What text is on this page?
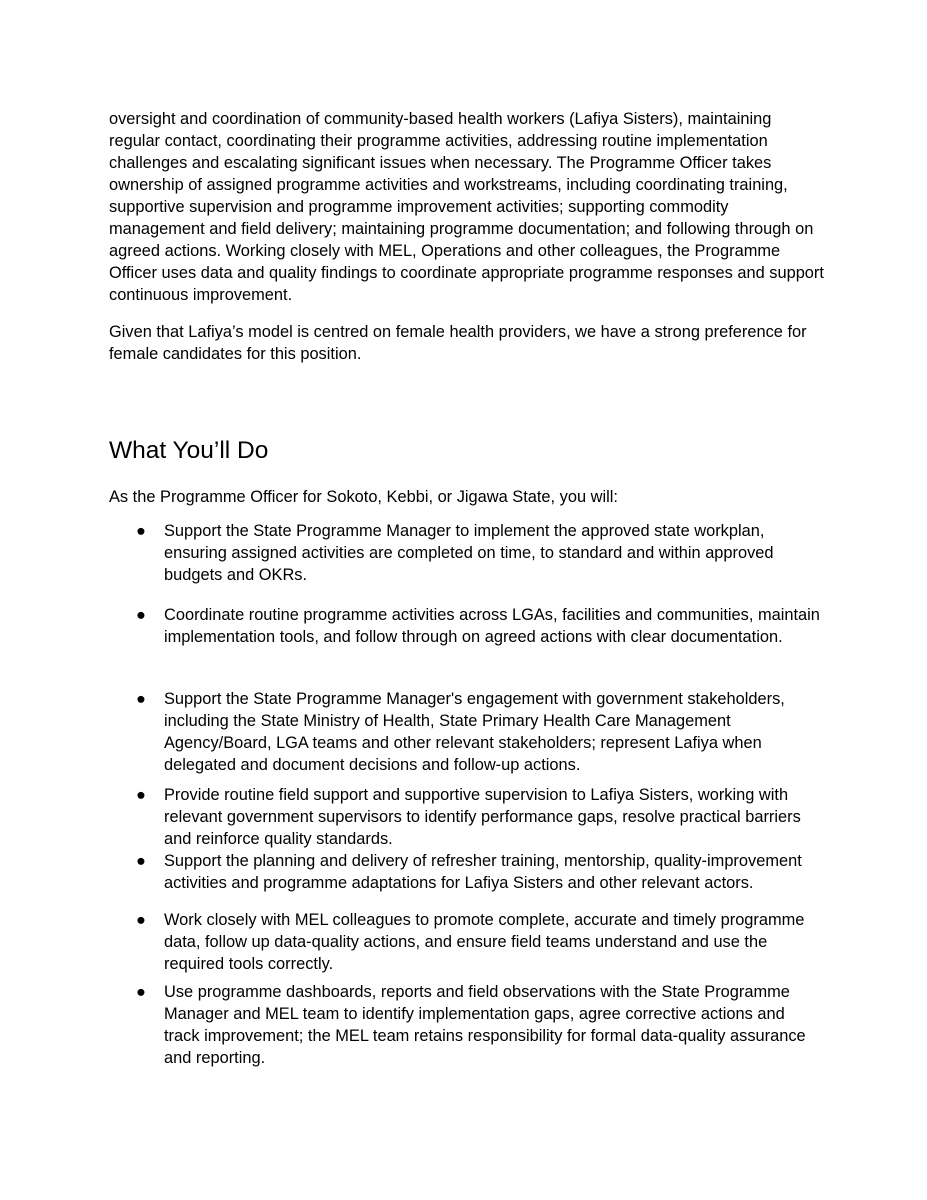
oversight and coordination of community-based health workers (Lafiya Sisters), maintaining regular contact, coordinating their programme activities, addressing routine implementation challenges and escalating significant issues when necessary. The Programme Officer takes ownership of assigned programme activities and workstreams, including coordinating training, supportive supervision and programme improvement activities; supporting commodity management and field delivery; maintaining programme documentation; and following through on agreed actions. Working closely with MEL, Operations and other colleagues, the Programme Officer uses data and quality findings to coordinate appropriate programme responses and support continuous improvement.

Given that Lafiya’s model is centred on female health providers, we have a strong preference for female candidates for this position.

What You’ll Do

As the Programme Officer for Sokoto, Kebbi, or Jigawa State, you will:

● Support the State Programme Manager to implement the approved state workplan, ensuring assigned activities are completed on time, to standard and within approved budgets and OKRs.
● Coordinate routine programme activities across LGAs, facilities and communities, maintain implementation tools, and follow through on agreed actions with clear documentation.
● Support the State Programme Manager's engagement with government stakeholders, including the State Ministry of Health, State Primary Health Care Management Agency/Board, LGA teams and other relevant stakeholders; represent Lafiya when delegated and document decisions and follow-up actions.
● Provide routine field support and supportive supervision to Lafiya Sisters, working with relevant government supervisors to identify performance gaps, resolve practical barriers and reinforce quality standards.
● Support the planning and delivery of refresher training, mentorship, quality-improvement activities and programme adaptations for Lafiya Sisters and other relevant actors.
● Work closely with MEL colleagues to promote complete, accurate and timely programme data, follow up data-quality actions, and ensure field teams understand and use the required tools correctly.
● Use programme dashboards, reports and field observations with the State Programme Manager and MEL team to identify implementation gaps, agree corrective actions and track improvement; the MEL team retains responsibility for formal data-quality assurance and reporting.
